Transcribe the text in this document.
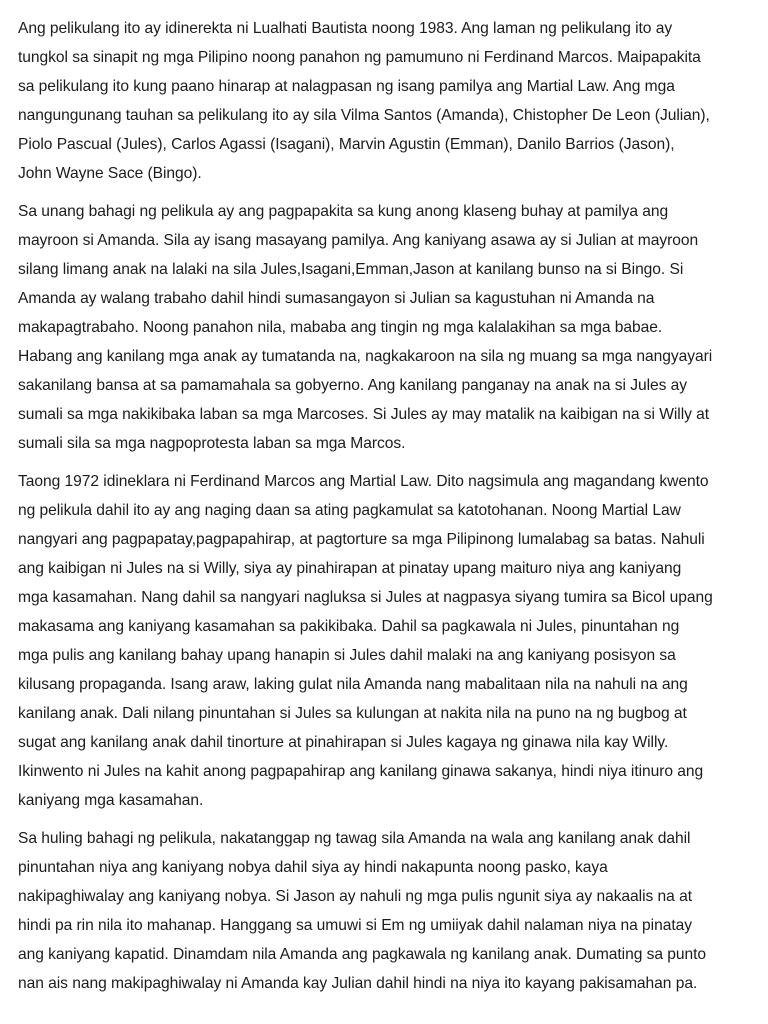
Ang pelikulang ito ay idinerekta ni Lualhati Bautista noong 1983. Ang laman ng pelikulang ito ay
tungkol sa sinapit ng mga Pilipino noong panahon ng pamumuno ni Ferdinand Marcos. Maipapakita
sa pelikulang ito kung paano hinarap at nalagpasan ng isang pamilya ang Martial Law. Ang mga
nangungunang tauhan sa pelikulang ito ay sila Vilma Santos (Amanda), Chistopher De Leon (Julian),
Piolo Pascual (Jules), Carlos Agassi (Isagani), Marvin Agustin (Emman), Danilo Barrios (Jason),
John Wayne Sace (Bingo).

Sa unang bahagi ng pelikula ay ang pagpapakita sa kung anong klaseng buhay at pamilya ang
mayroon si Amanda. Sila ay isang masayang pamilya. Ang kaniyang asawa ay si Julian at mayroon
silang limang anak na lalaki na sila Jules,Isagani,Emman,Jason at kanilang bunso na si Bingo. Si
Amanda ay walang trabaho dahil hindi sumasangayon si Julian sa kagustuhan ni Amanda na
makapagtrabaho. Noong panahon nila, mababa ang tingin ng mga kalalakihan sa mga babae.
Habang ang kanilang mga anak ay tumatanda na, nagkakaroon na sila ng muang sa mga nangyayari
sakanilang bansa at sa pamamahala sa gobyerno. Ang kanilang panganay na anak na si Jules ay
sumali sa mga nakikibaka laban sa mga Marcoses. Si Jules ay may matalik na kaibigan na si Willy at
sumali sila sa mga nagpoprotesta laban sa mga Marcos.

Taong 1972 idineklara ni Ferdinand Marcos ang Martial Law. Dito nagsimula ang magandang kwento
ng pelikula dahil ito ay ang naging daan sa ating pagkamulat sa katotohanan. Noong Martial Law
nangyari ang pagpapatay,pagpapahirap, at pagtorture sa mga Pilipinong lumalabag sa batas. Nahuli
ang kaibigan ni Jules na si Willy, siya ay pinahirapan at pinatay upang maituro niya ang kaniyang
mga kasamahan. Nang dahil sa nangyari nagluksa si Jules at nagpasya siyang tumira sa Bicol upang
makasama ang kaniyang kasamahan sa pakikibaka. Dahil sa pagkawala ni Jules, pinuntahan ng
mga pulis ang kanilang bahay upang hanapin si Jules dahil malaki na ang kaniyang posisyon sa
kilusang propaganda. Isang araw, laking gulat nila Amanda nang mabalitaan nila na nahuli na ang
kanilang anak. Dali nilang pinuntahan si Jules sa kulungan at nakita nila na puno na ng bugbog at
sugat ang kanilang anak dahil tinorture at pinahirapan si Jules kagaya ng ginawa nila kay Willy.
Ikinwento ni Jules na kahit anong pagpapahirap ang kanilang ginawa sakanya, hindi niya itinuro ang
kaniyang mga kasamahan.

Sa huling bahagi ng pelikula, nakatanggap ng tawag sila Amanda na wala ang kanilang anak dahil
pinuntahan niya ang kaniyang nobya dahil siya ay hindi nakapunta noong pasko, kaya
nakipaghiwalay ang kaniyang nobya. Si Jason ay nahuli ng mga pulis ngunit siya ay nakaalis na at
hindi pa rin nila ito mahanap. Hanggang sa umuwi si Em ng umiiyak dahil nalaman niya na pinatay
ang kaniyang kapatid. Dinamdam nila Amanda ang pagkawala ng kanilang anak. Dumating sa punto
nan ais nang makipaghiwalay ni Amanda kay Julian dahil hindi na niya ito kayang pakisamahan pa.
